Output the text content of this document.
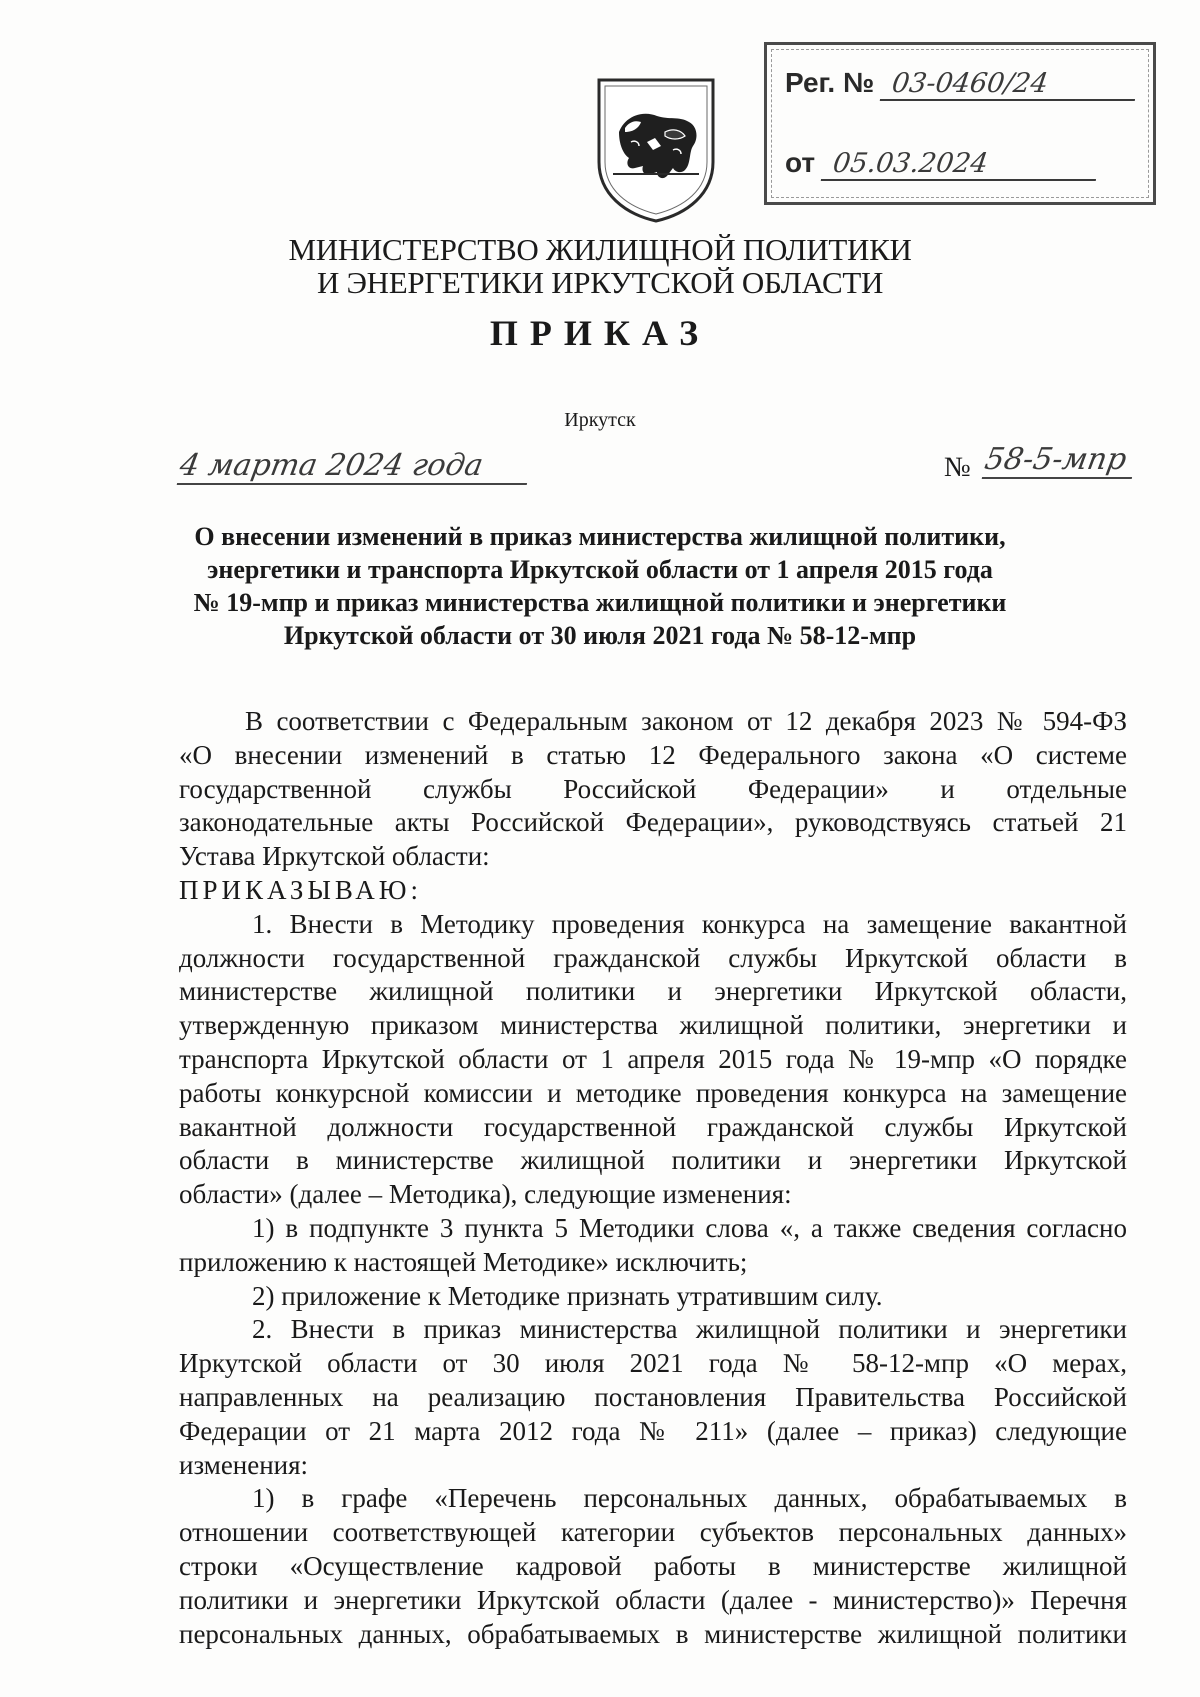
Рег. № 03-0460/24
от 05.03.2024
МИНИСТЕРСТВО ЖИЛИЩНОЙ ПОЛИТИКИ
И ЭНЕРГЕТИКИ ИРКУТСКОЙ ОБЛАСТИ
ПРИКАЗ
Иркутск
4 марта 2024 года	№ 58-5-мпр
О внесении изменений в приказ министерства жилищной политики,
энергетики и транспорта Иркутской области от 1 апреля 2015 года
№ 19-мпр и приказ министерства жилищной политики и энергетики
Иркутской области от 30 июля 2021 года № 58-12-мпр
В соответствии с Федеральным законом от 12 декабря 2023 № 594-ФЗ
«О внесении изменений в статью 12 Федерального закона «О системе
государственной службы Российской Федерации» и отдельные
законодательные акты Российской Федерации», руководствуясь статьей 21
Устава Иркутской области:
ПРИКАЗЫВАЮ:
1. Внести в Методику проведения конкурса на замещение вакантной
должности государственной гражданской службы Иркутской области в
министерстве жилищной политики и энергетики Иркутской области,
утвержденную приказом министерства жилищной политики, энергетики и
транспорта Иркутской области от 1 апреля 2015 года № 19-мпр «О порядке
работы конкурсной комиссии и методике проведения конкурса на замещение
вакантной должности государственной гражданской службы Иркутской
области в министерстве жилищной политики и энергетики Иркутской
области» (далее – Методика), следующие изменения:
1) в подпункте 3 пункта 5 Методики слова «, а также сведения согласно
приложению к настоящей Методике» исключить;
2) приложение к Методике признать утратившим силу.
2. Внести в приказ министерства жилищной политики и энергетики
Иркутской области от 30 июля 2021 года № 58-12-мпр «О мерах,
направленных на реализацию постановления Правительства Российской
Федерации от 21 марта 2012 года № 211» (далее – приказ) следующие
изменения:
1) в графе «Перечень персональных данных, обрабатываемых в
отношении соответствующей категории субъектов персональных данных»
строки «Осуществление кадровой работы в министерстве жилищной
политики и энергетики Иркутской области (далее - министерство)» Перечня
персональных данных, обрабатываемых в министерстве жилищной политики
